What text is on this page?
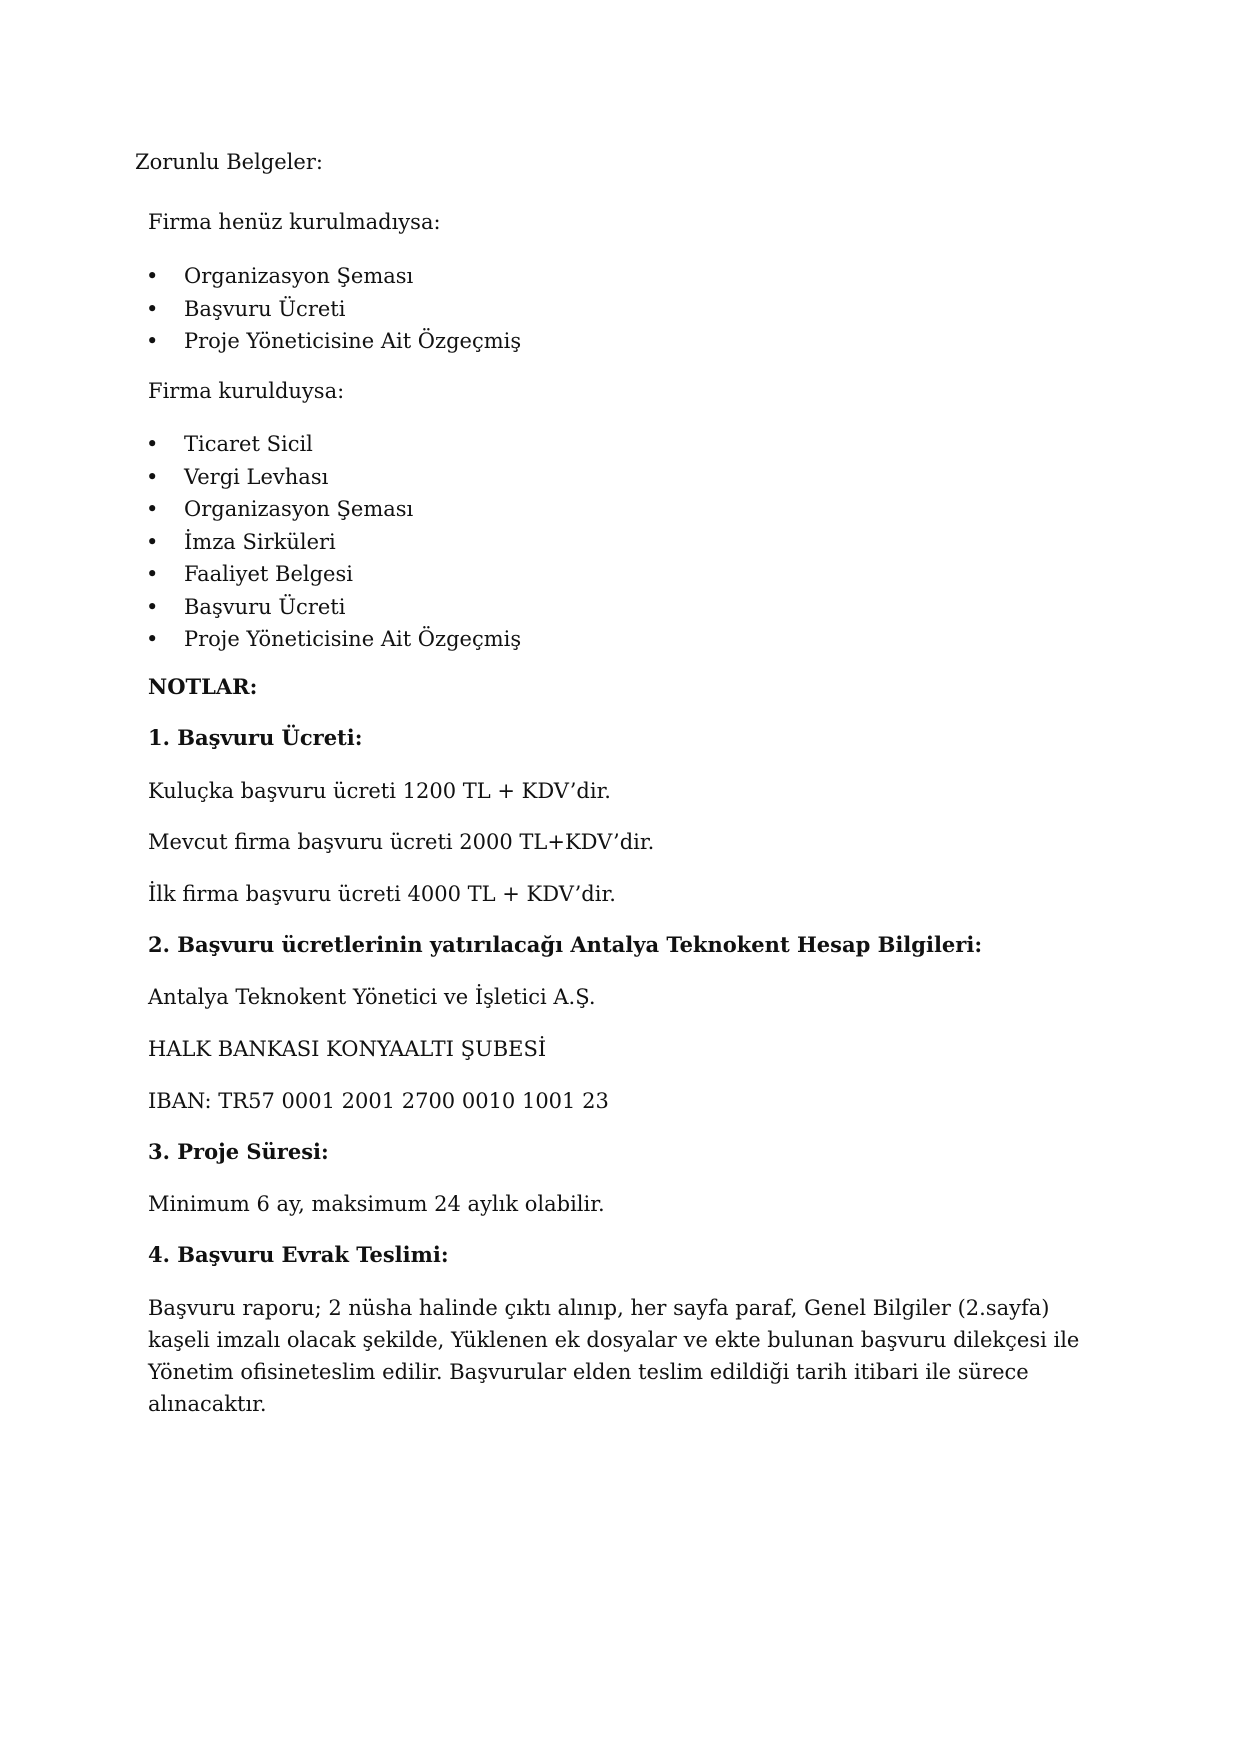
Zorunlu Belgeler:
Firma henüz kurulmadıysa:
• Organizasyon Şeması
• Başvuru Ücreti
• Proje Yöneticisine Ait Özgeçmiş
Firma kurulduysa:
• Ticaret Sicil
• Vergi Levhası
• Organizasyon Şeması
• İmza Sirküleri
• Faaliyet Belgesi
• Başvuru Ücreti
• Proje Yöneticisine Ait Özgeçmiş
NOTLAR:
1. Başvuru Ücreti:
Kuluçka başvuru ücreti 1200 TL + KDV’dir.
Mevcut firma başvuru ücreti 2000 TL+KDV’dir.
İlk firma başvuru ücreti 4000 TL + KDV’dir.
2. Başvuru ücretlerinin yatırılacağı Antalya Teknokent Hesap Bilgileri:
Antalya Teknokent Yönetici ve İşletici A.Ş.
HALK BANKASI KONYAALTI ŞUBESİ
IBAN: TR57 0001 2001 2700 0010 1001 23
3. Proje Süresi:
Minimum 6 ay, maksimum 24 aylık olabilir.
4. Başvuru Evrak Teslimi:

Başvuru raporu; 2 nüsha halinde çıktı alınıp, her sayfa paraf, Genel Bilgiler (2.sayfa) kaşeli imzalı olacak şekilde, Yüklenen ek dosyalar ve ekte bulunan başvuru dilekçesi ile Yönetim ofisineteslim edilir. Başvurular elden teslim edildiği tarih itibari ile sürece alınacaktır.
